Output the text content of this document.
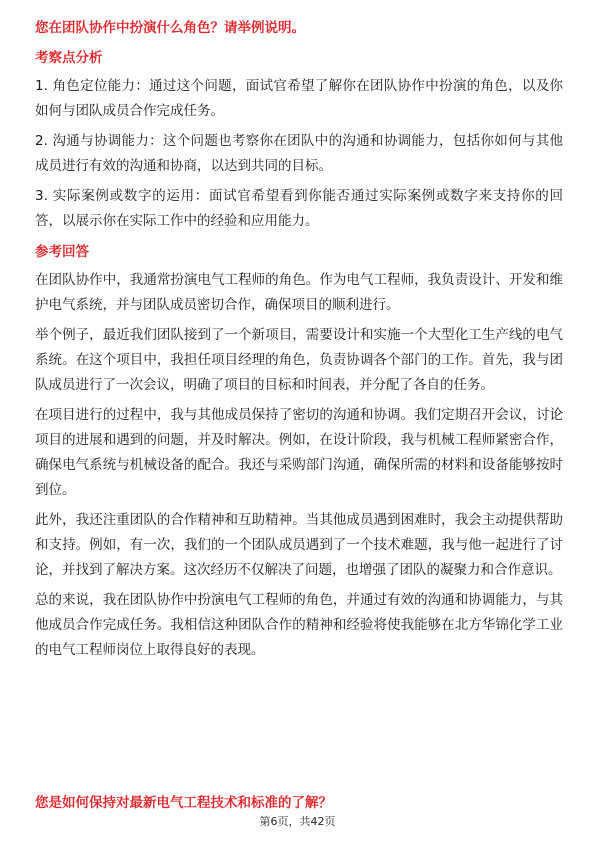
您在团队协作中扮演什么角色？请举例说明。
考察点分析
1. 角色定位能力：通过这个问题，面试官希望了解你在团队协作中扮演的角色，以及你如何与团队成员合作完成任务。
2. 沟通与协调能力：这个问题也考察你在团队中的沟通和协调能力，包括你如何与其他成员进行有效的沟通和协商，以达到共同的目标。
3. 实际案例或数字的运用：面试官希望看到你能否通过实际案例或数字来支持你的回答，以展示你在实际工作中的经验和应用能力。
参考回答
在团队协作中，我通常扮演电气工程师的角色。作为电气工程师，我负责设计、开发和维护电气系统，并与团队成员密切合作，确保项目的顺利进行。
举个例子，最近我们团队接到了一个新项目，需要设计和实施一个大型化工生产线的电气系统。在这个项目中，我担任项目经理的角色，负责协调各个部门的工作。首先，我与团队成员进行了一次会议，明确了项目的目标和时间表，并分配了各自的任务。
在项目进行的过程中，我与其他成员保持了密切的沟通和协调。我们定期召开会议，讨论项目的进展和遇到的问题，并及时解决。例如，在设计阶段，我与机械工程师紧密合作，确保电气系统与机械设备的配合。我还与采购部门沟通，确保所需的材料和设备能够按时到位。
此外，我还注重团队的合作精神和互助精神。当其他成员遇到困难时，我会主动提供帮助和支持。例如，有一次，我们的一个团队成员遇到了一个技术难题，我与他一起进行了讨论，并找到了解决方案。这次经历不仅解决了问题，也增强了团队的凝聚力和合作意识。
总的来说，我在团队协作中扮演电气工程师的角色，并通过有效的沟通和协调能力，与其他成员合作完成任务。我相信这种团队合作的精神和经验将使我能够在北方华锦化学工业的电气工程师岗位上取得良好的表现。
您是如何保持对最新电气工程技术和标准的了解？
第6页，共42页
